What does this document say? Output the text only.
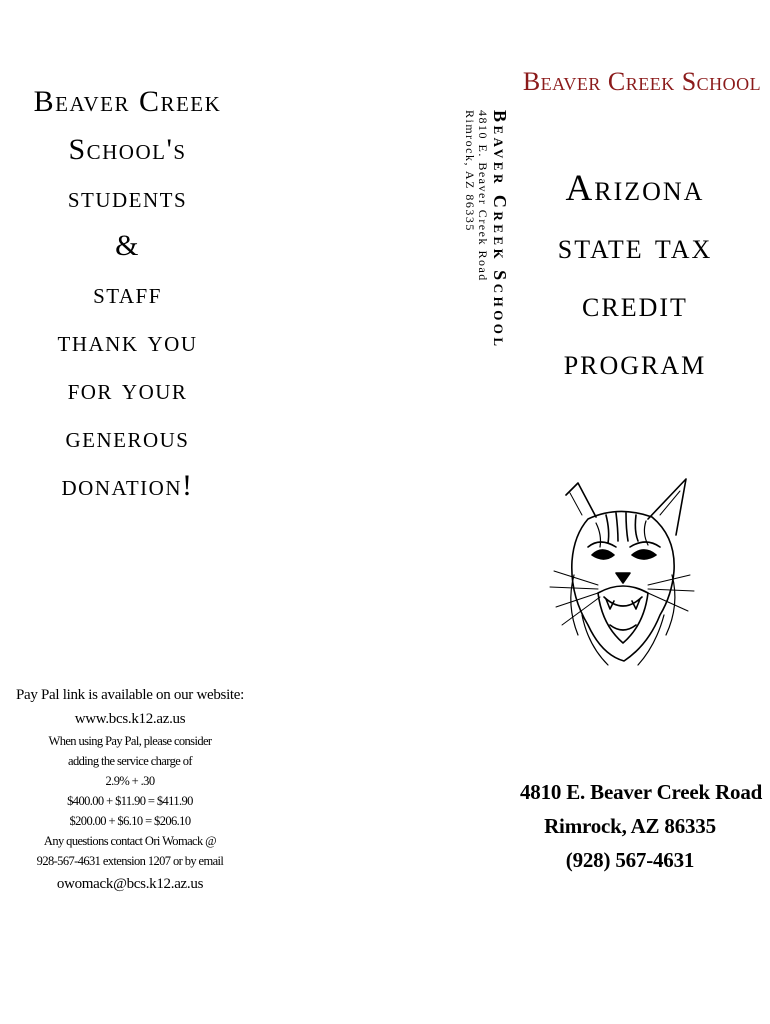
Beaver Creek
School's
students
&
staff
thank you
for your
generous
donation!
Pay Pal link is available on our website:
www.bcs.k12.az.us
When using Pay Pal, please consider
adding the service charge of
2.9% + .30
$400.00 + $11.90 = $411.90
$200.00 + $6.10 = $206.10
Any questions contact Ori Womack @
928-567-4631 extension 1207 or by email
owomack@bcs.k12.az.us
Beaver Creek School
4810 E. Beaver Creek Road
Rimrock, AZ 86335
Beaver Creek School
Arizona
state tax
credit
program
4810 E. Beaver Creek Road
Rimrock, AZ 86335
(928) 567-4631
